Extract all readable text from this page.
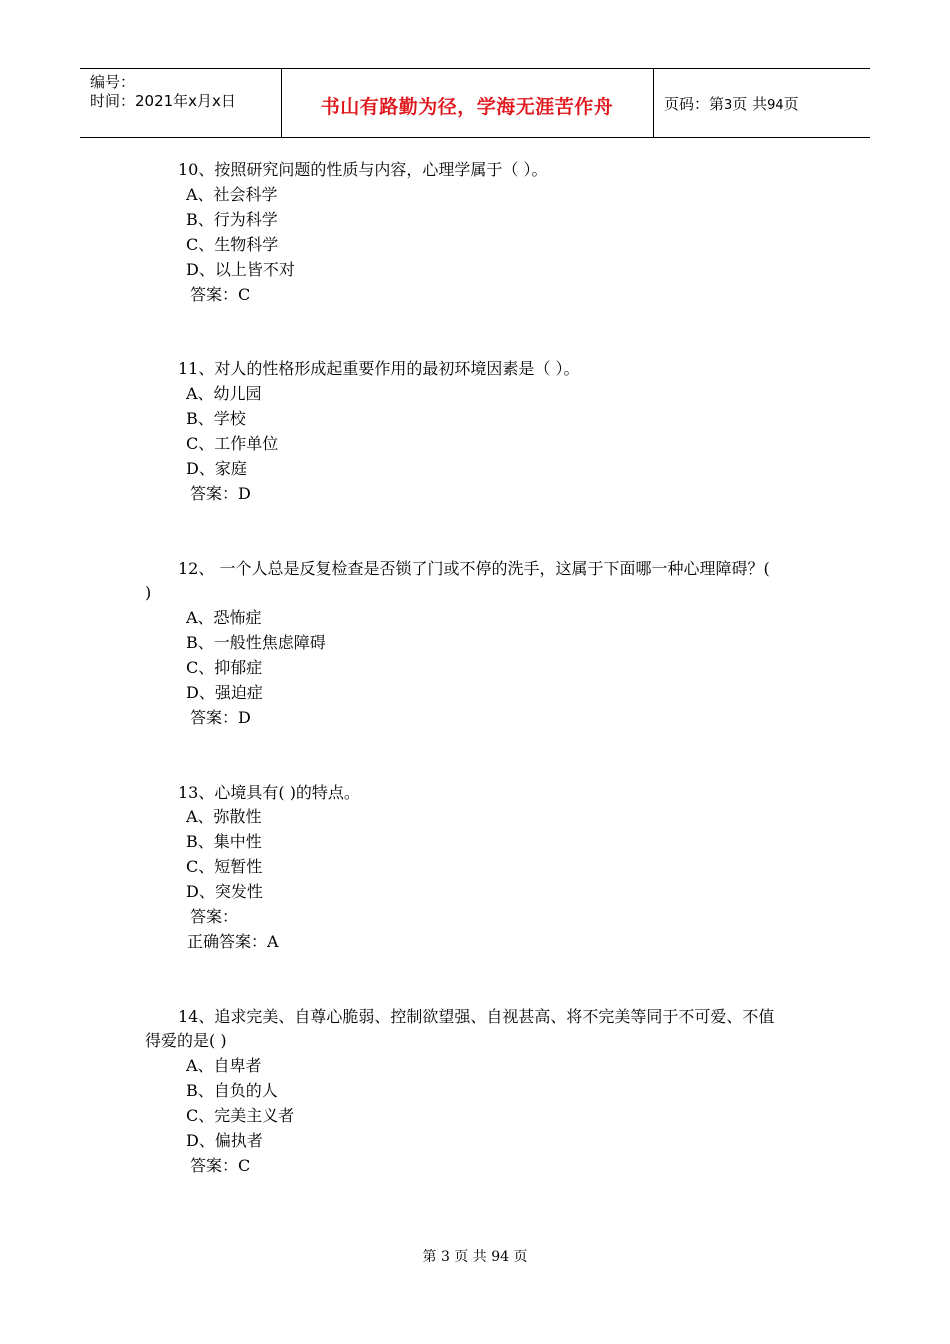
编号：
时间：2021年x月x日	书山有路勤为径，学海无涯苦作舟	页码：第3页 共94页
10、按照研究问题的性质与内容，心理学属于（ ）。
A、社会科学
B、行为科学
C、生物科学
D、以上皆不对
答案：C
11、对人的性格形成起重要作用的最初环境因素是（ ）。
A、幼儿园
B、学校
C、工作单位
D、家庭
答案：D
12、 一个人总是反复检查是否锁了门或不停的洗手，这属于下面哪一种心理障碍？(
)
A、恐怖症
B、一般性焦虑障碍
C、抑郁症
D、强迫症
答案：D
13、心境具有( )的特点。
A、弥散性
B、集中性
C、短暂性
D、突发性
答案：
正确答案：A
14、追求完美、自尊心脆弱、控制欲望强、自视甚高、将不完美等同于不可爱、不值
得爱的是( )
A、自卑者
B、自负的人
C、完美主义者
D、偏执者
答案：C
第 3 页 共 94 页
